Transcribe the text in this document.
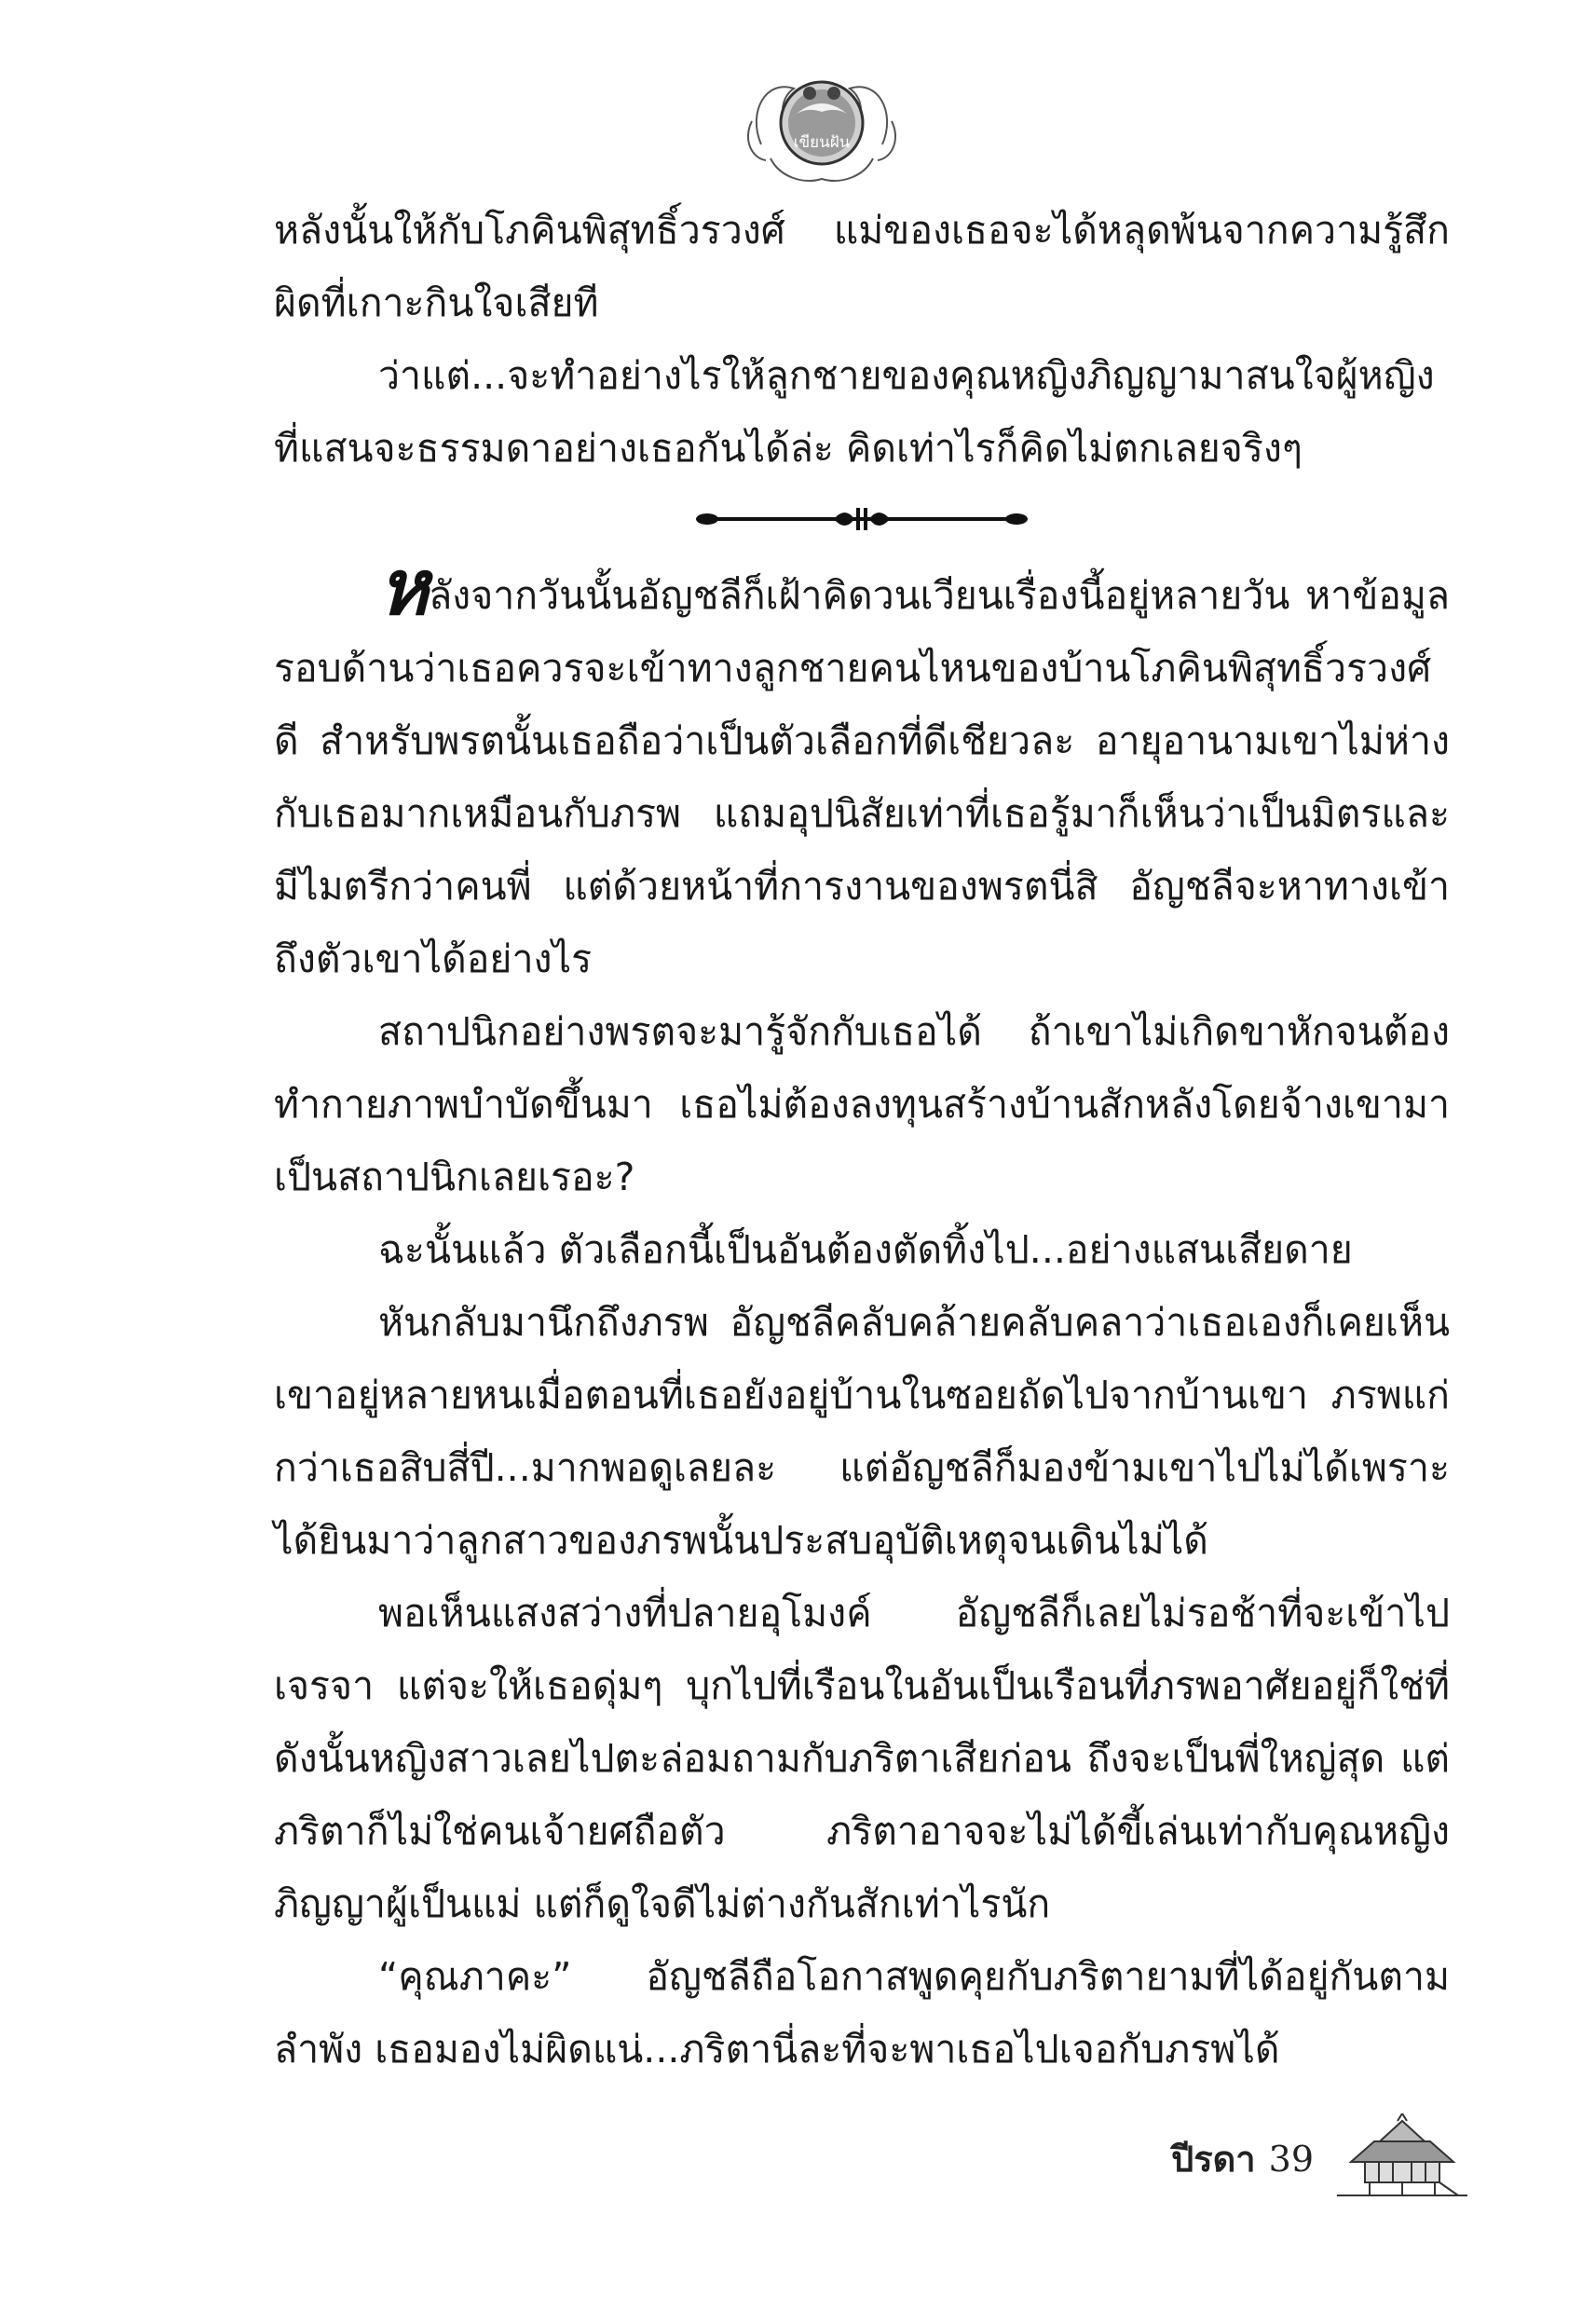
เขียนฝัน

หลังนั้นให้กับโภคินพิสุทธิ์วรวงศ์ แม่ของเธอจะได้หลุดพ้นจากความรู้สึกผิดที่เกาะกินใจเสียที

ว่าแต่...จะทำอย่างไรให้ลูกชายของคุณหญิงภิญญามาสนใจผู้หญิงที่แสนจะธรรมดาอย่างเธอกันได้ล่ะ คิดเท่าไรก็คิดไม่ตกเลยจริงๆ

หลังจากวันนั้นอัญชลีก็เฝ้าคิดวนเวียนเรื่องนี้อยู่หลายวัน หาข้อมูลรอบด้านว่าเธอควรจะเข้าทางลูกชายคนไหนของบ้านโภคินพิสุทธิ์วรวงศ์ดี สำหรับพรตนั้นเธอถือว่าเป็นตัวเลือกที่ดีเชียวละ อายุอานามเขาไม่ห่างกับเธอมากเหมือนกับภรพ แถมอุปนิสัยเท่าที่เธอรู้มาก็เห็นว่าเป็นมิตรและมีไมตรีกว่าคนพี่ แต่ด้วยหน้าที่การงานของพรตนี่สิ อัญชลีจะหาทางเข้าถึงตัวเขาได้อย่างไร

สถาปนิกอย่างพรตจะมารู้จักกับเธอได้ ถ้าเขาไม่เกิดขาหักจนต้องทำกายภาพบำบัดขึ้นมา เธอไม่ต้องลงทุนสร้างบ้านสักหลังโดยจ้างเขามาเป็นสถาปนิกเลยเรอะ?

ฉะนั้นแล้ว ตัวเลือกนี้เป็นอันต้องตัดทิ้งไป...อย่างแสนเสียดาย

หันกลับมานึกถึงภรพ อัญชลีคลับคล้ายคลับคลาว่าเธอเองก็เคยเห็นเขาอยู่หลายหนเมื่อตอนที่เธอยังอยู่บ้านในซอยถัดไปจากบ้านเขา ภรพแก่กว่าเธอสิบสี่ปี...มากพอดูเลยละ แต่อัญชลีก็มองข้ามเขาไปไม่ได้เพราะได้ยินมาว่าลูกสาวของภรพนั้นประสบอุบัติเหตุจนเดินไม่ได้

พอเห็นแสงสว่างที่ปลายอุโมงค์ อัญชลีก็เลยไม่รอช้าที่จะเข้าไปเจรจา แต่จะให้เธอดุ่มๆ บุกไปที่เรือนในอันเป็นเรือนที่ภรพอาศัยอยู่ก็ใช่ที่ ดังนั้นหญิงสาวเลยไปตะล่อมถามกับภริตาเสียก่อน ถึงจะเป็นพี่ใหญ่สุด แต่ภริตาก็ไม่ใช่คนเจ้ายศถือตัว ภริตาอาจจะไม่ได้ขี้เล่นเท่ากับคุณหญิงภิญญาผู้เป็นแม่ แต่ก็ดูใจดีไม่ต่างกันสักเท่าไรนัก

“คุณภาคะ” อัญชลีถือโอกาสพูดคุยกับภริตายามที่ได้อยู่กันตามลำพัง เธอมองไม่ผิดแน่...ภริตานี่ละที่จะพาเธอไปเจอกับภรพได้

ปีรดา 39
